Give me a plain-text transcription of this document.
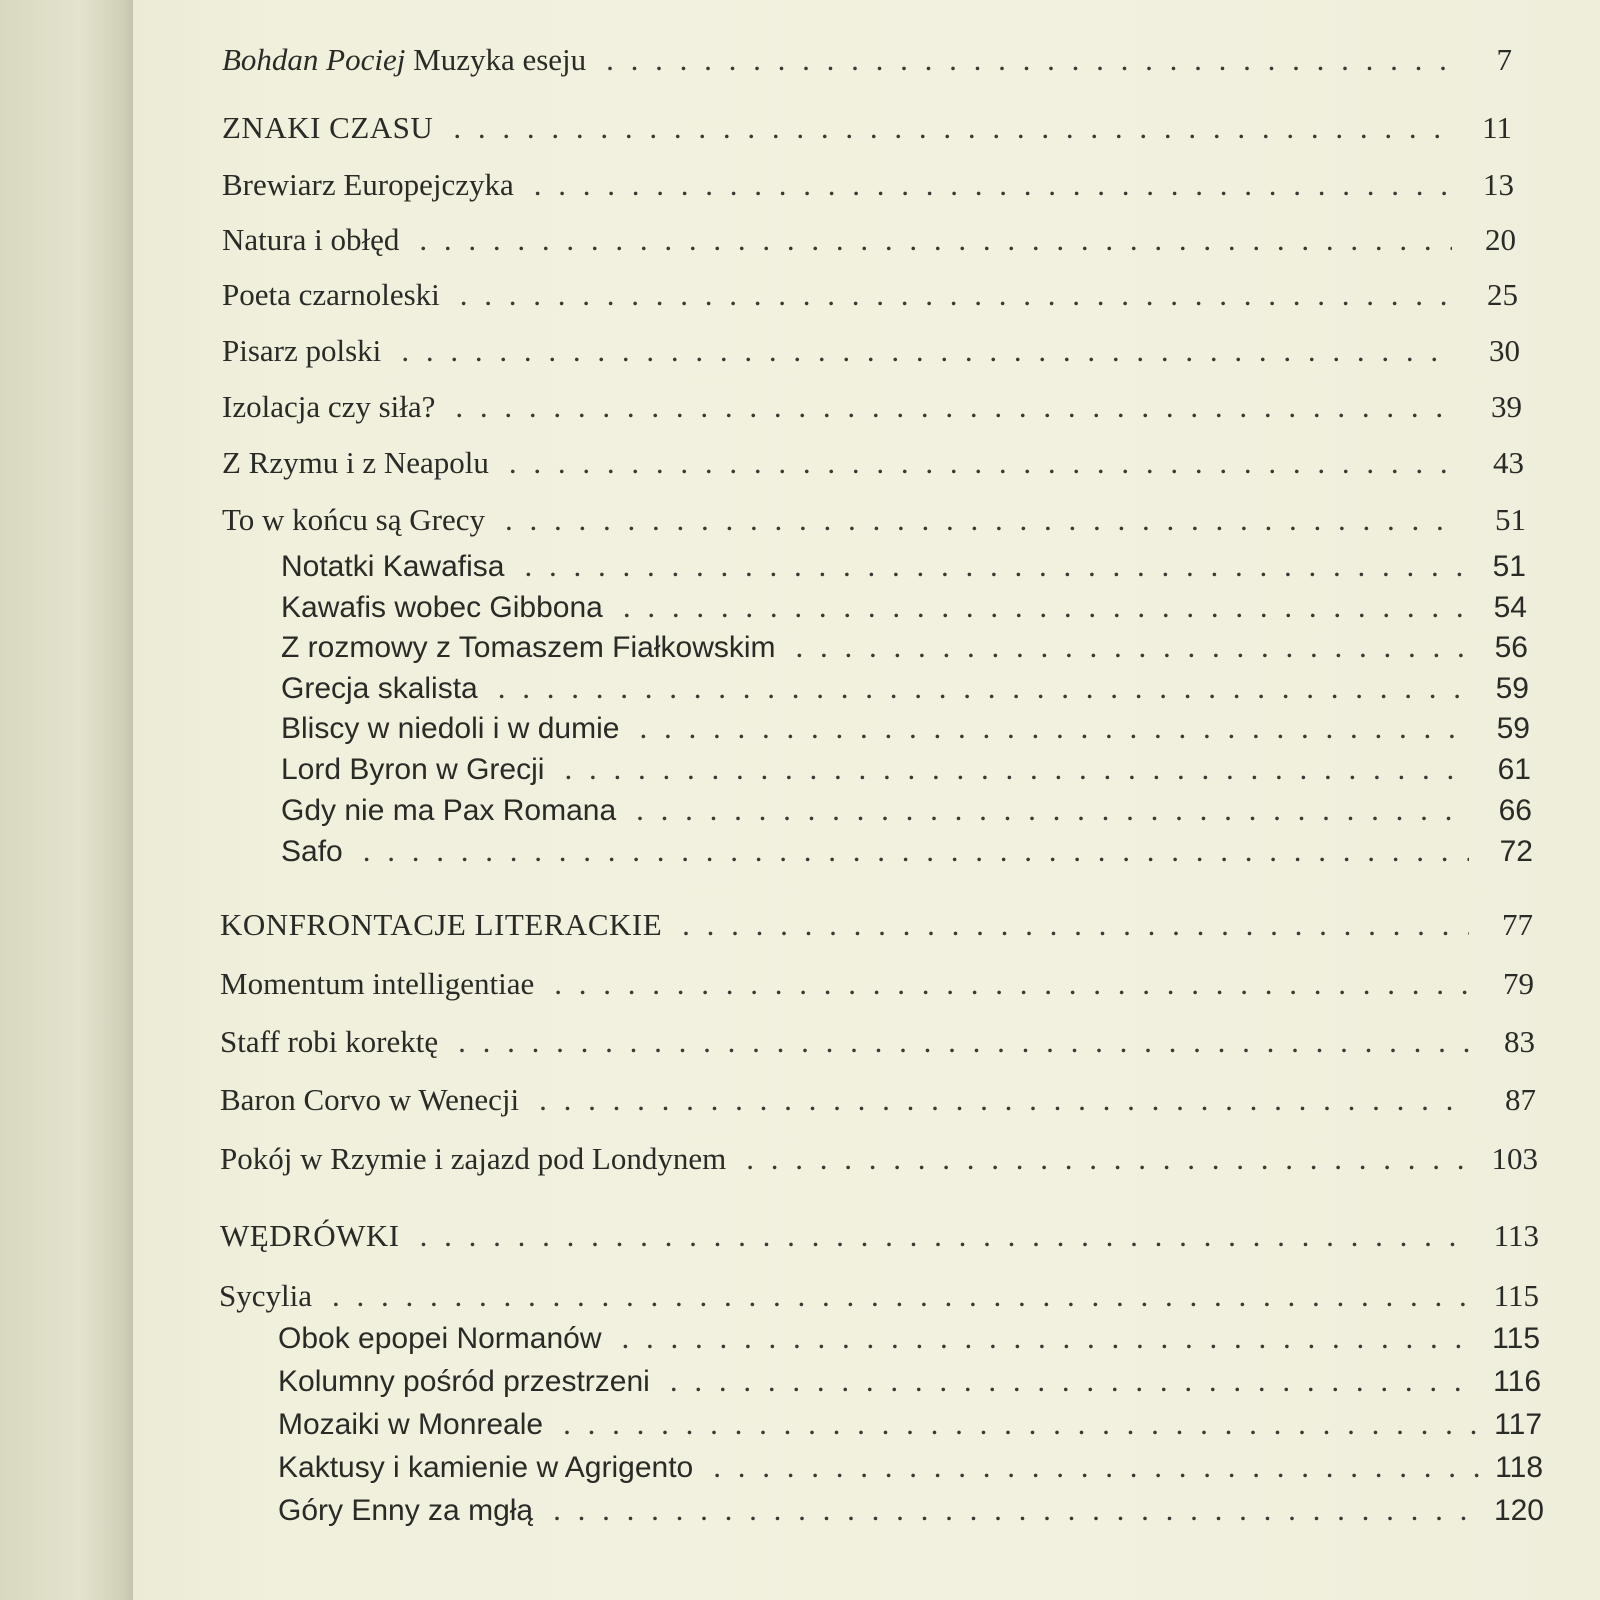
Bohdan Pociej Muzyka eseju . . .	7
ZNAKI CZASU . . .	11
Brewiarz Europejczyka . . .	13
Natura i obłęd . . .	20
Poeta czarnoleski . . .	25
Pisarz polski . . .	30
Izolacja czy siła? . . .	39
Z Rzymu i z Neapolu . . .	43
To w końcu są Grecy . . .	51
Notatki Kawafisa . . .	51
Kawafis wobec Gibbona . . .	54
Z rozmowy z Tomaszem Fiałkowskim . . .	56
Grecja skalista . . .	59
Bliscy w niedoli i w dumie . . .	59
Lord Byron w Grecji . . .	61
Gdy nie ma Pax Romana . . .	66
Safo . . .	72
KONFRONTACJE LITERACKIE . . .	77
Momentum intelligentiae . . .	79
Staff robi korektę . . .	83
Baron Corvo w Wenecji . . .	87
Pokój w Rzymie i zajazd pod Londynem . . .	103
WĘDRÓWKI . . .	113
Sycylia . . .	115
Obok epopei Normanów . . .	115
Kolumny pośród przestrzeni . . .	116
Mozaiki w Monreale . . .	117
Kaktusy i kamienie w Agrigento . . .	118
Góry Enny za mgłą . . .	120
